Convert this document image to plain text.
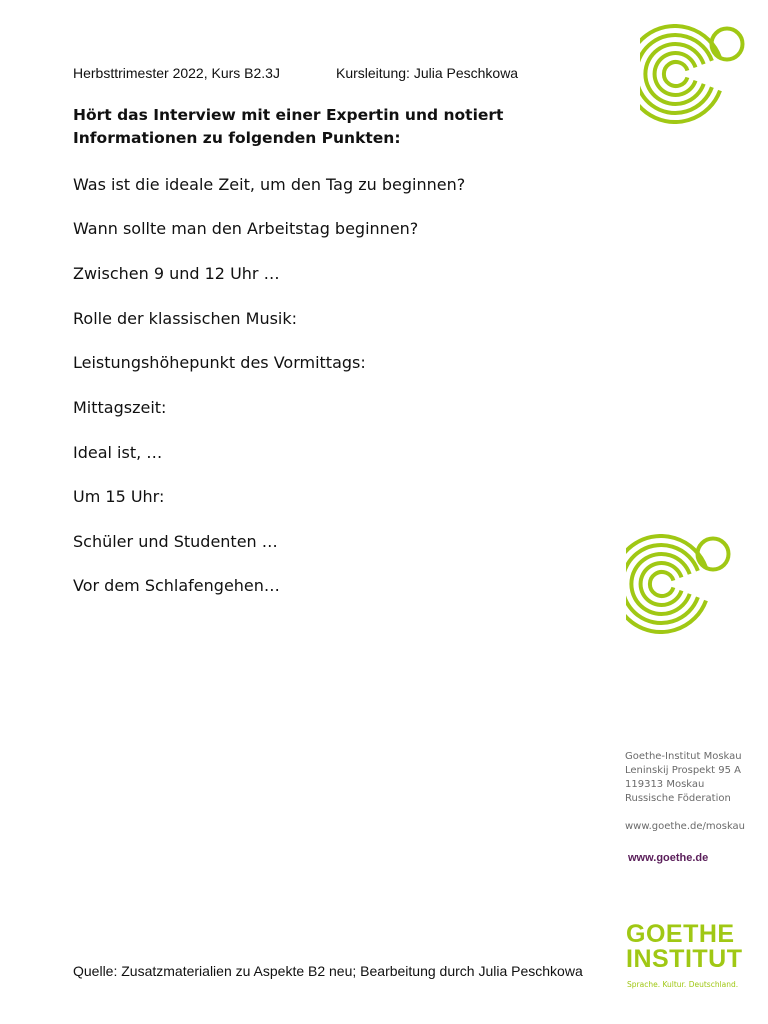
Herbsttrimester 2022, Kurs B2.3J	Kursleitung: Julia Peschkowa
Hört das Interview mit einer Expertin und notiert Informationen zu folgenden Punkten:
Was ist die ideale Zeit, um den Tag zu beginnen?
Wann sollte man den Arbeitstag beginnen?
Zwischen 9 und 12 Uhr …
Rolle der klassischen Musik:
Leistungshöhepunkt des Vormittags:
Mittagszeit:
Ideal ist, …
Um 15 Uhr:
Schüler und Studenten …
Vor dem Schlafengehen…
Goethe-Institut Moskau
Leninskij Prospekt 95 A
119313 Moskau
Russische Föderation
www.goethe.de/moskau
www.goethe.de
GOETHE
INSTITUT
Sprache. Kultur. Deutschland.
Quelle: Zusatzmaterialien zu Aspekte B2 neu; Bearbeitung durch Julia Peschkowa
